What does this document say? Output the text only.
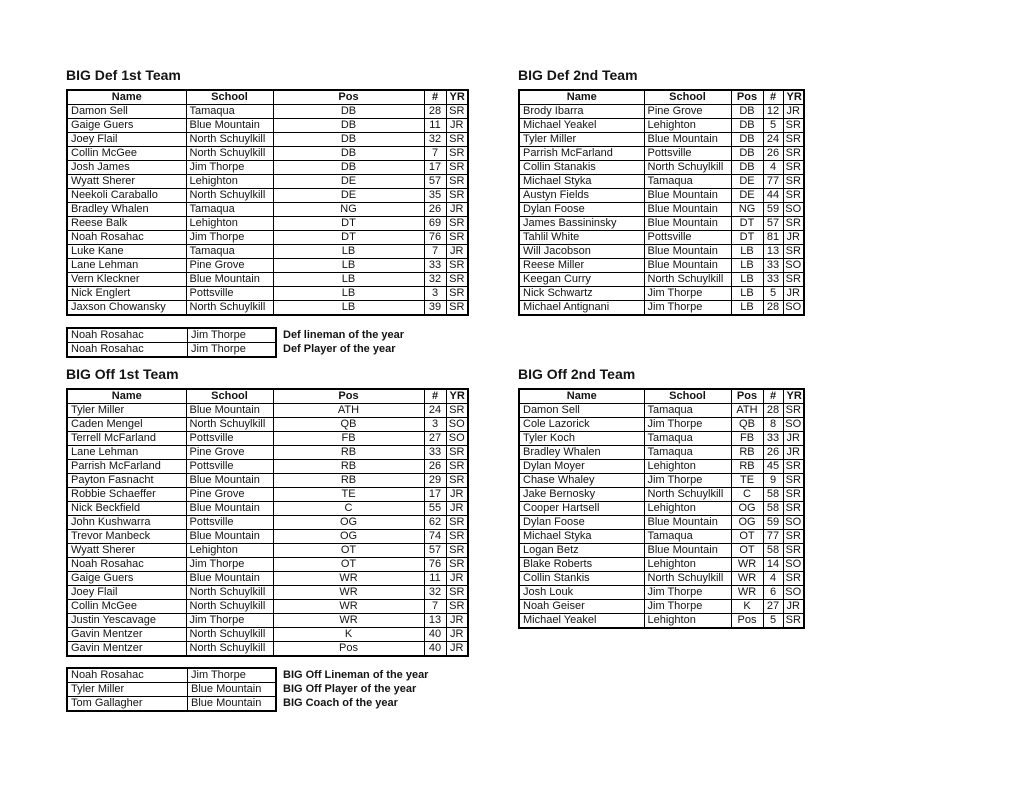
BIG Def 1st Team
Name	School	Pos	#	YR
Damon Sell	Tamaqua	DB	28	SR
Gaige Guers	Blue Mountain	DB	11	JR
Joey Flail	North Schuylkill	DB	32	SR
Collin McGee	North Schuylkill	DB	7	SR
Josh James	Jim Thorpe	DB	17	SR
Wyatt Sherer	Lehighton	DE	57	SR
Neekoli Caraballo	North Schuylkill	DE	35	SR
Bradley Whalen	Tamaqua	NG	26	JR
Reese Balk	Lehighton	DT	69	SR
Noah Rosahac	Jim Thorpe	DT	76	SR
Luke Kane	Tamaqua	LB	7	JR
Lane Lehman	Pine Grove	LB	33	SR
Vern Kleckner	Blue Mountain	LB	32	SR
Nick Englert	Pottsville	LB	3	SR
Jaxson Chowansky	North Schuylkill	LB	39	SR
BIG Def 2nd Team
Name	School	Pos	#	YR
Brody Ibarra	Pine Grove	DB	12	JR
Michael Yeakel	Lehighton	DB	5	SR
Tyler Miller	Blue Mountain	DB	24	SR
Parrish McFarland	Pottsville	DB	26	SR
Collin Stanakis	North Schuylkill	DB	4	SR
Michael Styka	Tamaqua	DE	77	SR
Austyn Fields	Blue Mountain	DE	44	SR
Dylan Foose	Blue Mountain	NG	59	SO
James Bassininsky	Blue Mountain	DT	57	SR
Tahlil White	Pottsville	DT	81	JR
Will Jacobson	Blue Mountain	LB	13	SR
Reese Miller	Blue Mountain	LB	33	SO
Keegan Curry	North Schuylkill	LB	33	SR
Nick Schwartz	Jim Thorpe	LB	5	JR
Michael Antignani	Jim Thorpe	LB	28	SO
Noah Rosahac	Jim Thorpe	Def lineman of the year
Noah Rosahac	Jim Thorpe	Def Player of the year
BIG Off 1st Team
Name	School	Pos	#	YR
Tyler Miller	Blue Mountain	ATH	24	SR
Caden Mengel	North Schuylkill	QB	3	SO
Terrell McFarland	Pottsville	FB	27	SO
Lane Lehman	Pine Grove	RB	33	SR
Parrish McFarland	Pottsville	RB	26	SR
Payton Fasnacht	Blue Mountain	RB	29	SR
Robbie Schaeffer	Pine Grove	TE	17	JR
Nick Beckfield	Blue Mountain	C	55	JR
John Kushwarra	Pottsville	OG	62	SR
Trevor Manbeck	Blue Mountain	OG	74	SR
Wyatt Sherer	Lehighton	OT	57	SR
Noah Rosahac	Jim Thorpe	OT	76	SR
Gaige Guers	Blue Mountain	WR	11	JR
Joey Flail	North Schuylkill	WR	32	SR
Collin McGee	North Schuylkill	WR	7	SR
Justin Yescavage	Jim Thorpe	WR	13	JR
Gavin Mentzer	North Schuylkill	K	40	JR
Gavin Mentzer	North Schuylkill	Pos	40	JR
BIG Off 2nd Team
Name	School	Pos	#	YR
Damon Sell	Tamaqua	ATH	28	SR
Cole Lazorick	Jim Thorpe	QB	8	SO
Tyler Koch	Tamaqua	FB	33	JR
Bradley Whalen	Tamaqua	RB	26	JR
Dylan Moyer	Lehighton	RB	45	SR
Chase Whaley	Jim Thorpe	TE	9	SR
Jake Bernosky	North Schuylkill	C	58	SR
Cooper Hartsell	Lehighton	OG	58	SR
Dylan Foose	Blue Mountain	OG	59	SO
Michael Styka	Tamaqua	OT	77	SR
Logan Betz	Blue Mountain	OT	58	SR
Blake Roberts	Lehighton	WR	14	SO
Collin Stankis	North Schuylkill	WR	4	SR
Josh Louk	Jim Thorpe	WR	6	SO
Noah Geiser	Jim Thorpe	K	27	JR
Michael Yeakel	Lehighton	Pos	5	SR
Noah Rosahac	Jim Thorpe	BIG Off Lineman of the year
Tyler Miller	Blue Mountain	BIG Off Player of the year
Tom Gallagher	Blue Mountain	BIG Coach of the year
